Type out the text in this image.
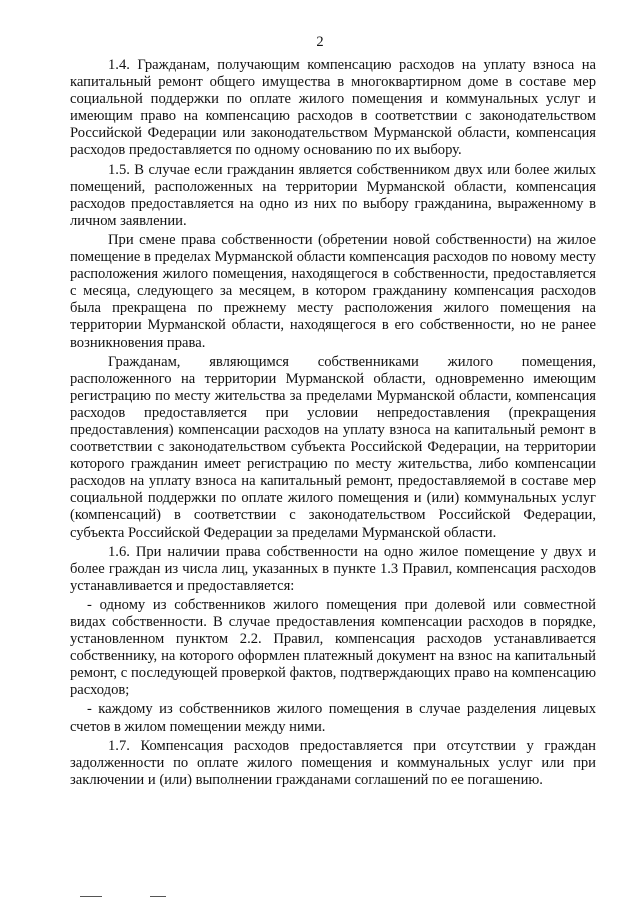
2

1.4. Гражданам, получающим компенсацию расходов на уплату взноса на капитальный ремонт общего имущества в многоквартирном доме в составе мер социальной поддержки по оплате жилого помещения и коммунальных услуг и имеющим право на компенсацию расходов в соответствии с законодательством Российской Федерации или законодательством Мурманской области, компенсация расходов предоставляется по одному основанию по их выбору.

1.5. В случае если гражданин является собственником двух или более жилых помещений, расположенных на территории Мурманской области, компенсация расходов предоставляется на одно из них по выбору гражданина, выраженному в личном заявлении.

При смене права собственности (обретении новой собственности) на жилое помещение в пределах Мурманской области компенсация расходов по новому месту расположения жилого помещения, находящегося в собственности, предоставляется с месяца, следующего за месяцем, в котором гражданину компенсация расходов была прекращена по прежнему месту расположения жилого помещения на территории Мурманской области, находящегося в его собственности, но не ранее возникновения права.

Гражданам, являющимся собственниками жилого помещения, расположенного на территории Мурманской области, одновременно имеющим регистрацию по месту жительства за пределами Мурманской области, компенсация расходов предоставляется при условии непредоставления (прекращения предоставления) компенсации расходов на уплату взноса на капитальный ремонт в соответствии с законодательством субъекта Российской Федерации, на территории которого гражданин имеет регистрацию по месту жительства, либо компенсации расходов на уплату взноса на капитальный ремонт, предоставляемой в составе мер социальной поддержки по оплате жилого помещения и (или) коммунальных услуг (компенсаций) в соответствии с законодательством Российской Федерации, субъекта Российской Федерации за пределами Мурманской области.

1.6. При наличии права собственности на одно жилое помещение у двух и более граждан из числа лиц, указанных в пункте 1.3 Правил, компенсация расходов устанавливается и предоставляется:

- одному из собственников жилого помещения при долевой или совместной видах собственности. В случае предоставления компенсации расходов в порядке, установленном пунктом 2.2. Правил, компенсация расходов устанавливается собственнику, на которого оформлен платежный документ на взнос на капитальный ремонт, с последующей проверкой фактов, подтверждающих право на компенсацию расходов;

- каждому из собственников жилого помещения в случае разделения лицевых счетов в жилом помещении между ними.

1.7. Компенсация расходов предоставляется при отсутствии у граждан задолженности по оплате жилого помещения и коммунальных услуг или при заключении и (или) выполнении гражданами соглашений по ее погашению.
